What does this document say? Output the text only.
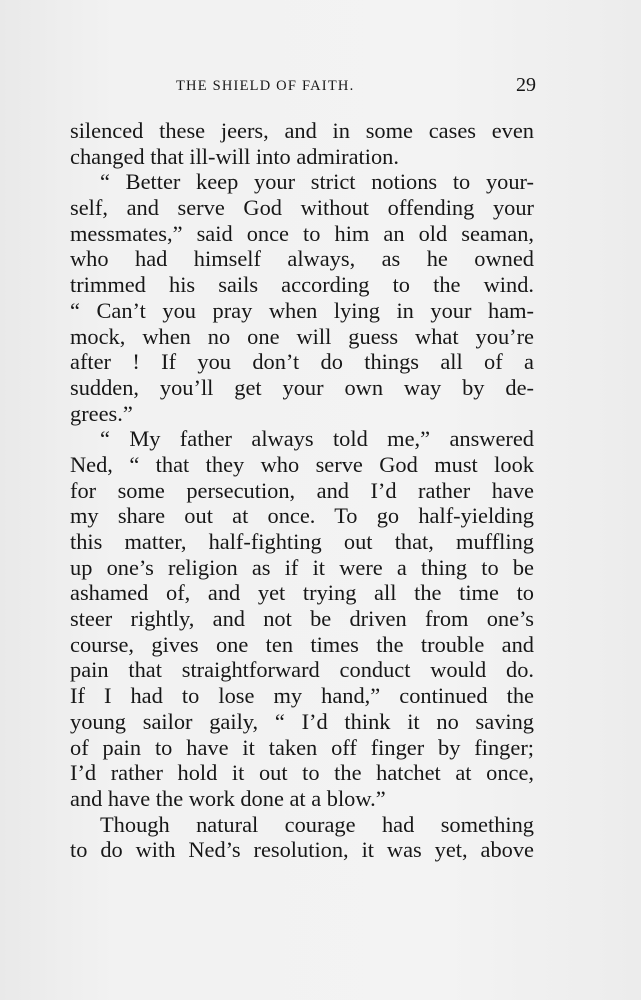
THE SHIELD OF FAITH.	29
silenced these jeers, and in some cases even
changed that ill-will into admiration.
“ Better keep your strict notions to your-
self, and serve God without offending your
messmates,” said once to him an old seaman,
who had himself always, as he owned
trimmed his sails according to the wind.
“ Can’t you pray when lying in your ham-
mock, when no one will guess what you’re
after ! If you don’t do things all of a
sudden, you’ll get your own way by de-
grees.”
“ My father always told me,” answered
Ned, “ that they who serve God must look
for some persecution, and I’d rather have
my share out at once. To go half-yielding
this matter, half-fighting out that, muffling
up one’s religion as if it were a thing to be
ashamed of, and yet trying all the time to
steer rightly, and not be driven from one’s
course, gives one ten times the trouble and
pain that straightforward conduct would do.
If I had to lose my hand,” continued the
young sailor gaily, “ I’d think it no saving
of pain to have it taken off finger by finger;
I’d rather hold it out to the hatchet at once,
and have the work done at a blow.”
Though natural courage had something
to do with Ned’s resolution, it was yet, above
